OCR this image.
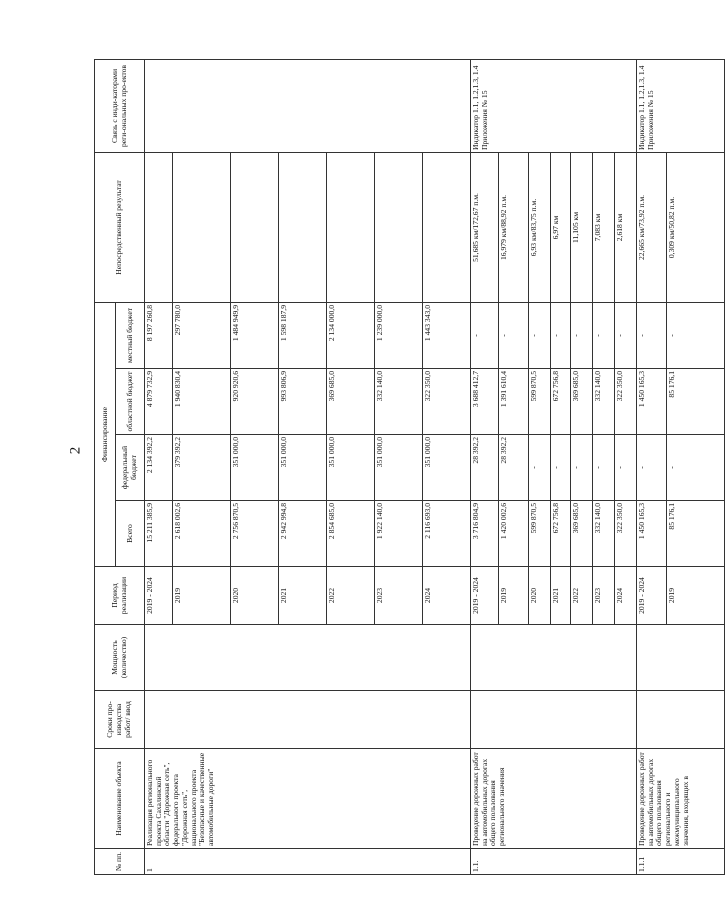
2
№ пп.	Наименование объекта	Сроки про-изводства работ/ ввод	Мощность (количество)	Период реализации	Финансирование				Непосредственный результат	Связь с инди-каторами реги-ональных про-ектов
					Всего	федеральный бюджет	областной бюджет	местный бюджет		
1	Реализация регионального проекта Сахалинской области "Дорожная сеть", федерального проекта "Дорожная сеть", национального проекта "Безопасные и качественные автомобильные дороги"			2019 - 2024	15 211 385,9	2 134 392,2	4 879 732,9	8 197 260,8		
				2019	2 618 002,6	379 392,2	1 940 830,4	297 780,0		
				2020	2 756 870,5	351 000,0	920 920,6	1 484 949,9		
				2021	2 942 994,8	351 000,0	993 806,9	1 598 187,9		
				2022	2 854 685,0	351 000,0	369 685,0	2 134 000,0		
				2023	1 922 140,0	351 000,0	332 140,0	1 239 000,0		
				2024	2 116 693,0	351 000,0	322 350,0	1 443 343,0		
1.1.	Проведение дорожных работ на автомобильных дорогах общего пользования регионального значения			2019 - 2024	3 716 804,9	28 392,2	3 688 412,7	-	51,685 км/172,67 п.м.	Индикатор 1.1, 1.2,1.3, 1.4 Приложения № 15
				2019	1 420 002,6	28 392,2	1 391 610,4	-	16,979 км/88,92 п.м.	
				2020	599 870,5	-	599 870,5	-	6,93 км/83,75 п.м.	
				2021	672 756,8	-	672 756,8	-	6,97 км	
				2022	369 685,0	-	369 685,0	-	11,105 км	
				2023	332 140,0	-	332 140,0	-	7,083 км	
				2024	322 350,0	-	322 350,0	-	2,618 км	
1.1.1	Проведение дорожных работ на автомобильных дорогах общего пользования регионального и межмуниципального значения, входящих в			2019 - 2024	1 450 165,3	-	1 450 165,3	-	22,665 км/73,92 п.м.	Индикатор 1.1, 1.2,1.3, 1.4 Приложения № 15
				2019	85 176,1	-	85 176,1	-	0,309 км/50,82 п.м.	
